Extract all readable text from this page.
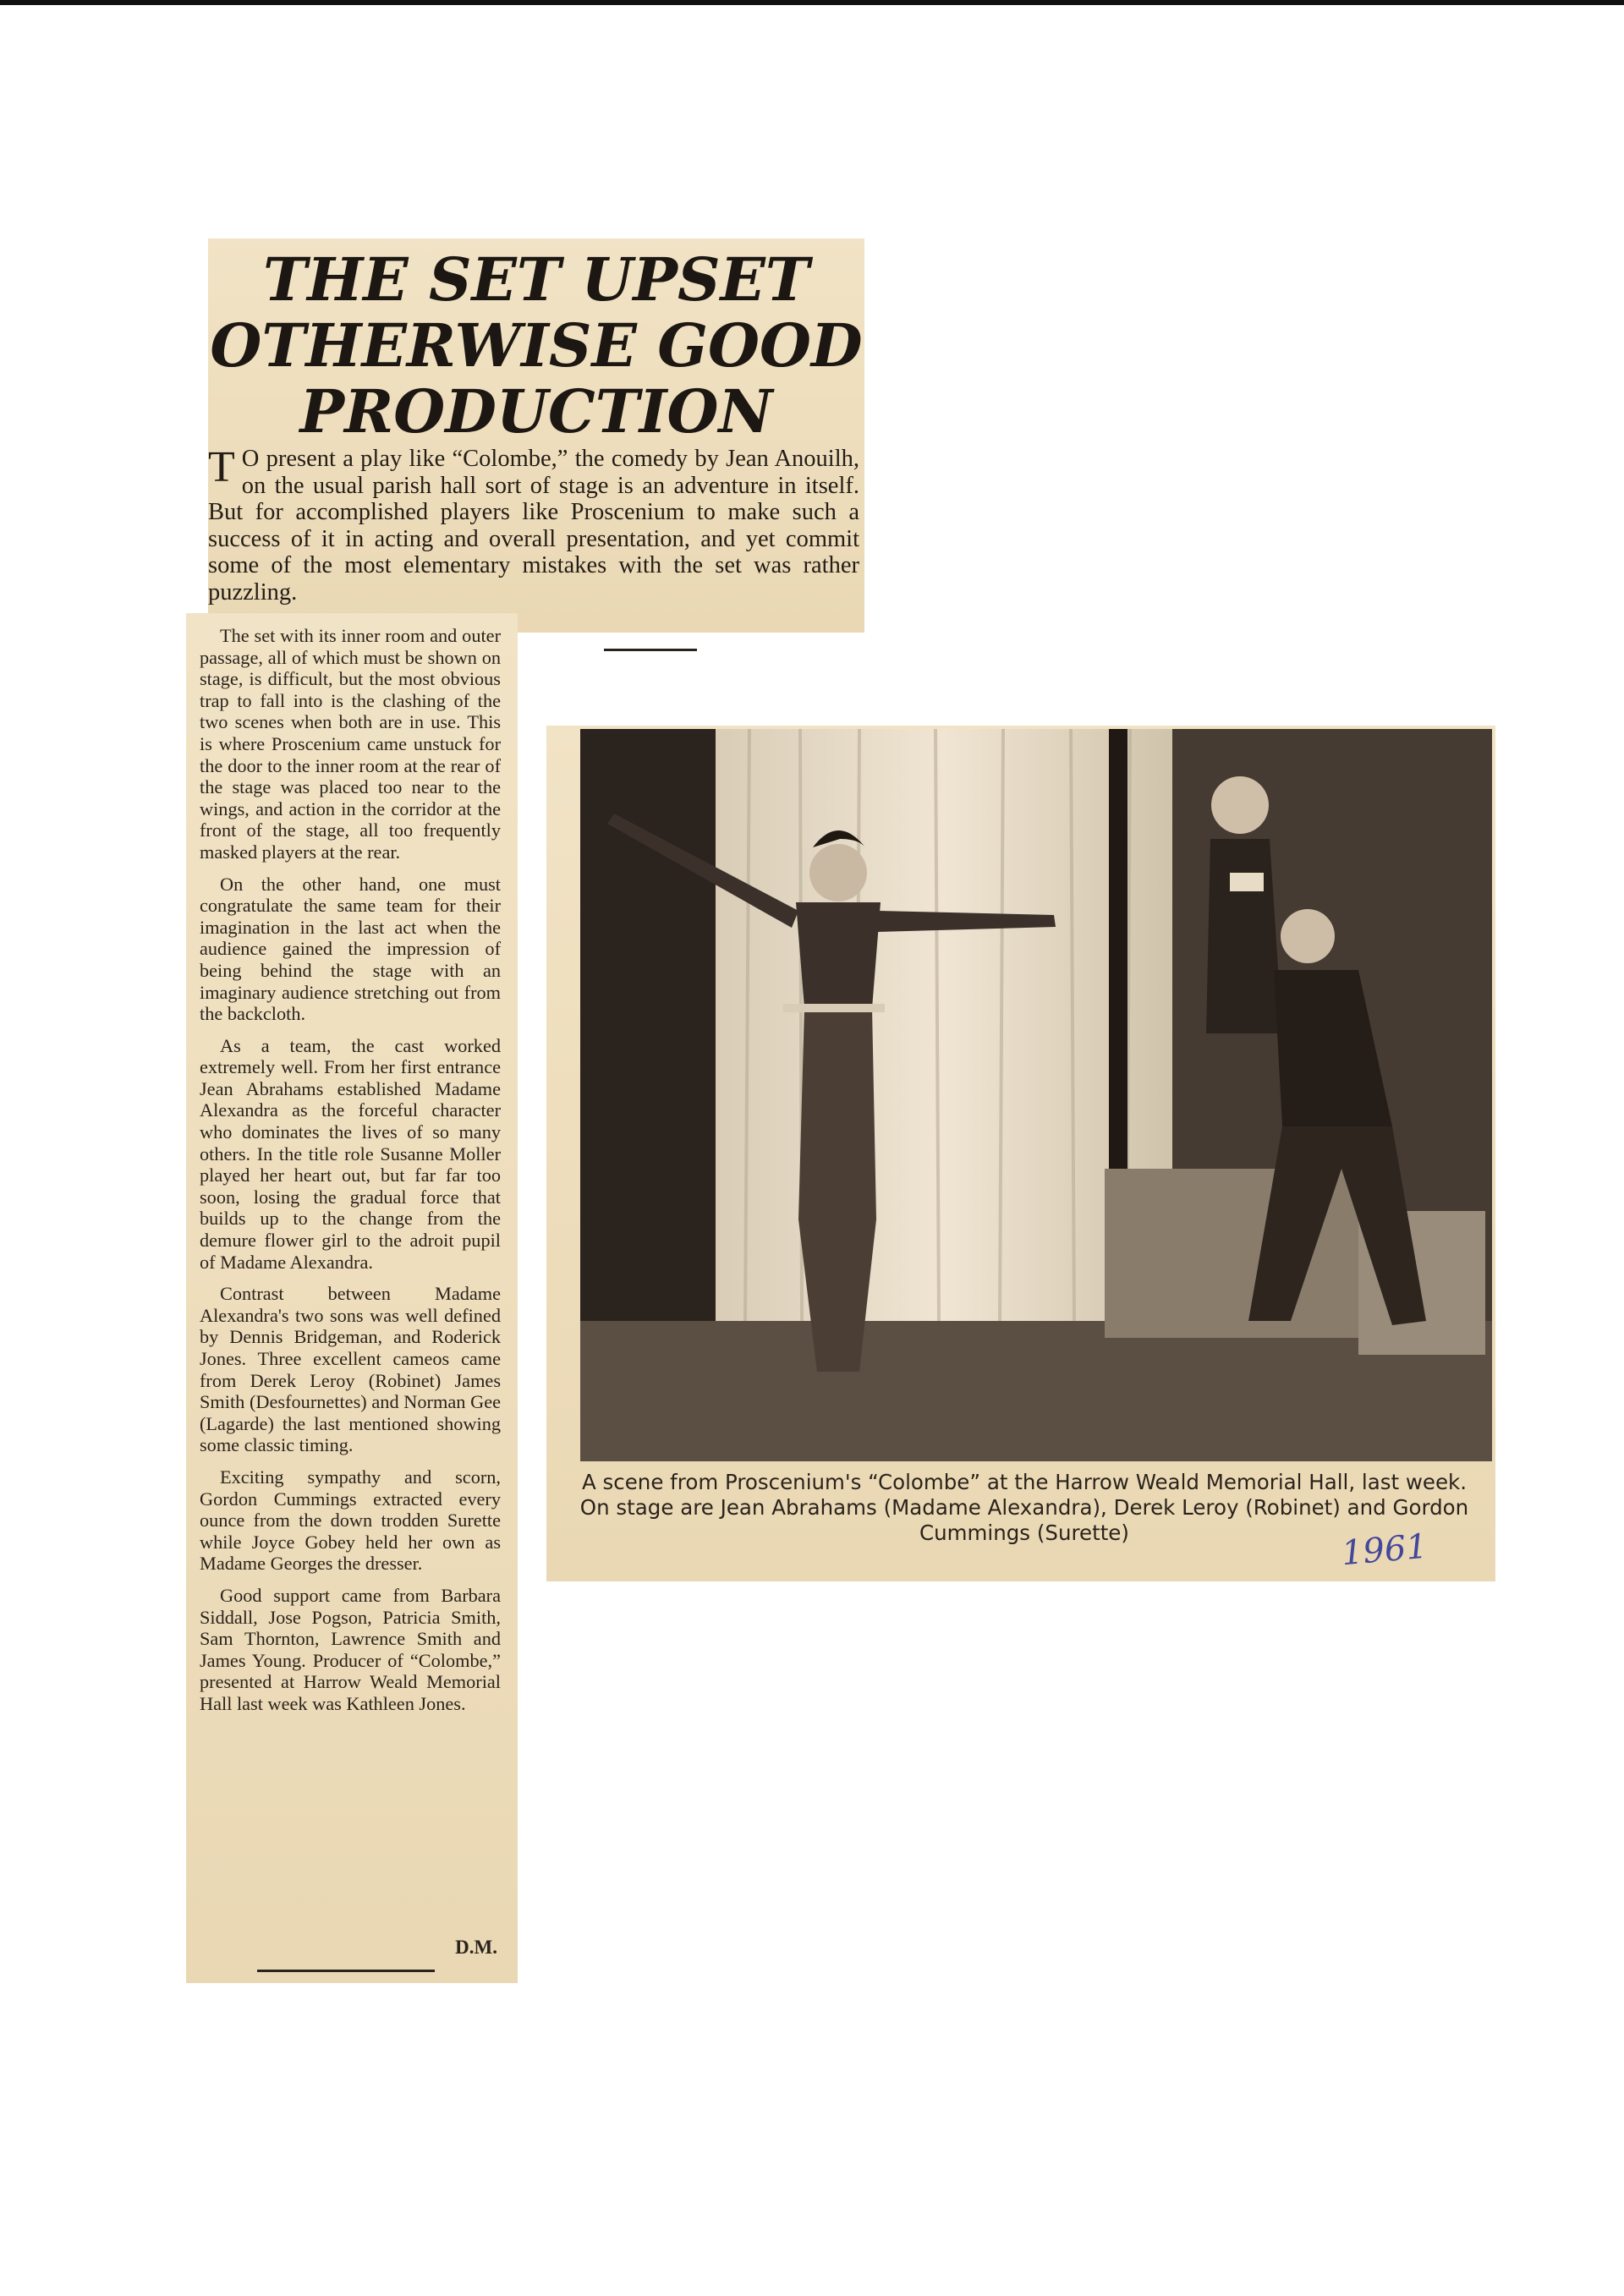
THE SET UPSET OTHERWISE GOOD PRODUCTION

T O present a play like “Colombe,” the comedy by Jean Anouilh, on the usual parish hall sort of stage is an adventure in itself. But for accomplished players like Proscenium to make such a success of it in acting and overall presentation, and yet commit some of the most elementary mistakes with the set was rather puzzling.

The set with its inner room and outer passage, all of which must be shown on stage, is difficult, but the most obvious trap to fall into is the clashing of the two scenes when both are in use. This is where Proscenium came unstuck for the door to the inner room at the rear of the stage was placed too near to the wings, and action in the corridor at the front of the stage, all too frequently masked players at the rear.

On the other hand, one must congratulate the same team for their imagination in the last act when the audience gained the impression of being behind the stage with an imaginary audience stretching out from the backcloth.

As a team, the cast worked extremely well. From her first entrance Jean Abrahams established Madame Alexandra as the forceful character who dominates the lives of so many others. In the title role Susanne Moller played her heart out, but far far too soon, losing the gradual force that builds up to the change from the demure flower girl to the adroit pupil of Madame Alexandra.

Contrast between Madame Alexandra's two sons was well defined by Dennis Bridgeman, and Roderick Jones. Three excellent cameos came from Derek Leroy (Robinet) James Smith (Desfournettes) and Norman Gee (Lagarde) the last mentioned showing some classic timing.

Exciting sympathy and scorn, Gordon Cummings extracted every ounce from the down trodden Surette while Joyce Gobey held her own as Madame Georges the dresser.

Good support came from Barbara Siddall, Jose Pogson, Patricia Smith, Sam Thornton, Lawrence Smith and James Young. Producer of “Colombe,” presented at Harrow Weald Memorial Hall last week was Kathleen Jones.

D.M.

A scene from Proscenium's “Colombe” at the Harrow Weald Memorial Hall, last week. On stage are Jean Abrahams (Madame Alexandra), Derek Leroy (Robinet) and Gordon Cummings (Surette)	1961
